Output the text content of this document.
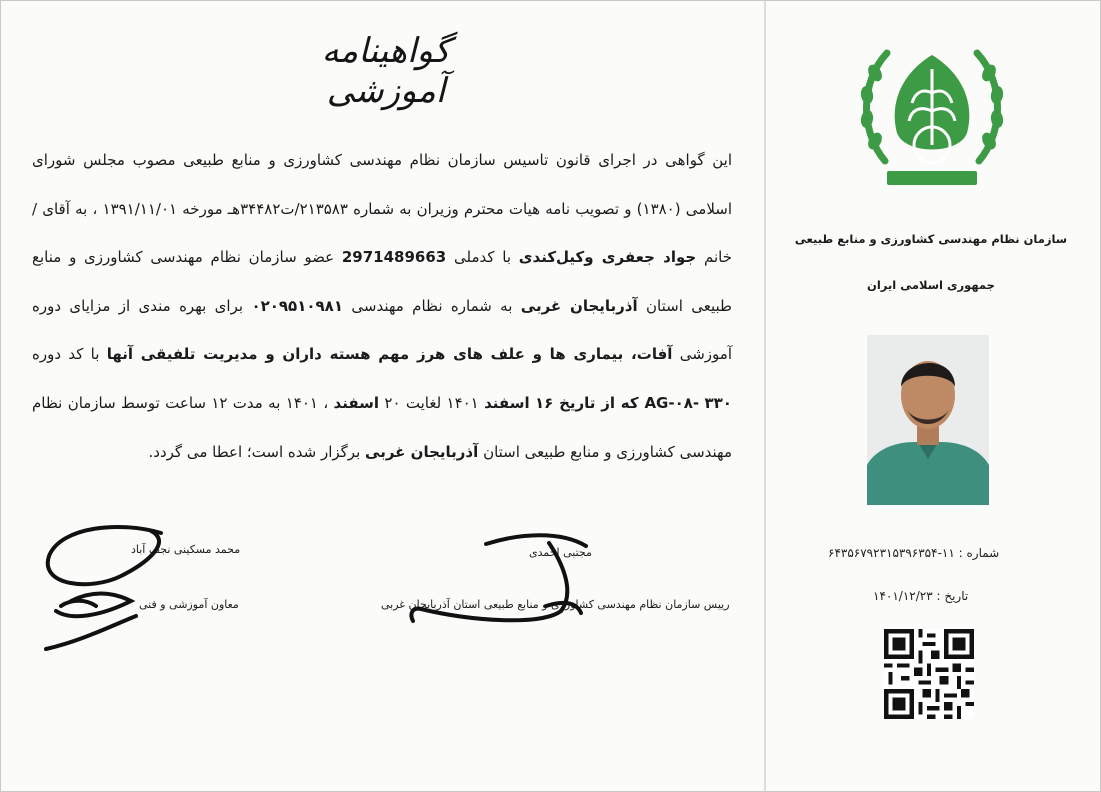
گواهینامه آموزشی
این گواهی در اجرای قانون تاسیس سازمان نظام مهندسی کشاورزی و منابع طبیعی مصوب مجلس شورای اسلامی (۱۳۸۰) و تصویب نامه هیات محترم وزیران به شماره ۲۱۳۵۸۳/ت۳۴۴۸۲هـ مورخه ۱۳۹۱/۱۱/۰۱ ، به آقای / خانم جواد جعفری وکیل‌کندی با کدملی 2971489663 عضو سازمان نظام مهندسی کشاورزی و منابع طبیعی استان آذربایجان غربی به شماره نظام مهندسی ۰۲۰۹۵۱۰۹۸۱ برای بهره مندی از مزایای دوره آموزشی آفات، بیماری ها و علف های هرز مهم هسته داران و مدیریت تلفیقی آنها با کد دوره AG-۰۸- ۳۳۰ که از تاریخ ۱۶ اسفند ۱۴۰۱ لغایت ۲۰ اسفند ، ۱۴۰۱ به مدت ۱۲ ساعت توسط سازمان نظام مهندسی کشاورزی و منابع طبیعی استان آذربایجان غربی برگزار شده است؛ اعطا می گردد.
محمد مسکینی نجف آباد
معاون آموزشی و فنی
مجتبی احمدی
رییس سازمان نظام مهندسی کشاورزی و منابع طبیعی استان آذربایجان غربی
سازمان نظام مهندسی کشاورزی و منابع طبیعی
جمهوری اسلامی ایران
شماره : ۱۱-۶۴۳۵۶۷۹۲۳۱۵۳۹۶۳۵۴
تاریخ : ۱۴۰۱/۱۲/۲۳
